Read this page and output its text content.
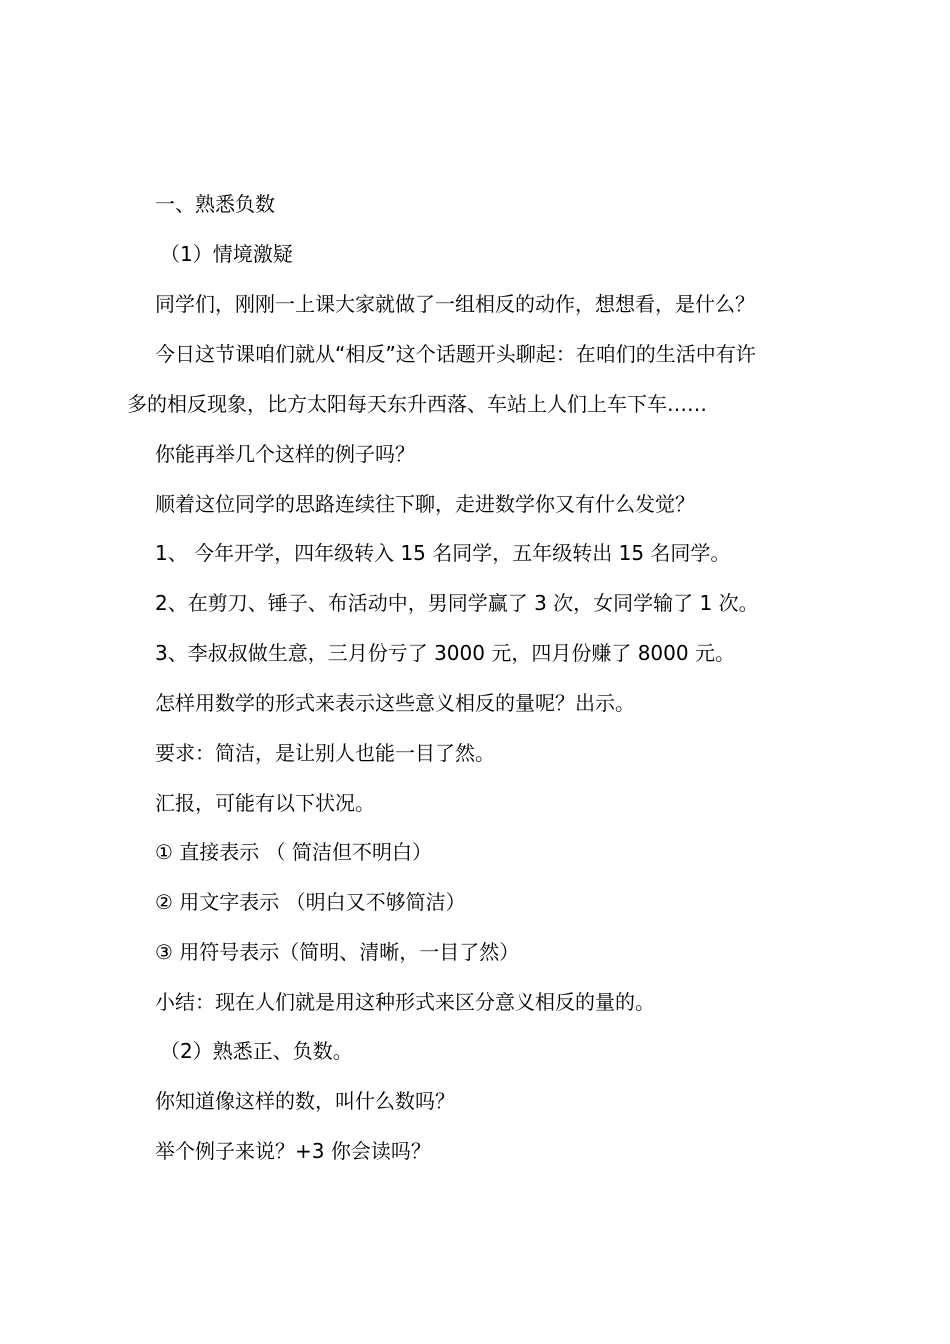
一、熟悉负数
（1）情境激疑
同学们，刚刚一上课大家就做了一组相反的动作，想想看，是什么？
今日这节课咱们就从“相反”这个话题开头聊起：在咱们的生活中有许
多的相反现象，比方太阳每天东升西落、车站上人们上车下车……
你能再举几个这样的例子吗？
顺着这位同学的思路连续往下聊，走进数学你又有什么发觉？
1、 今年开学，四年级转入 15 名同学，五年级转出 15 名同学。
2、在剪刀、锤子、布活动中，男同学赢了 3 次，女同学输了 1 次。
3、李叔叔做生意，三月份亏了 3000 元，四月份赚了 8000 元。
怎样用数学的形式来表示这些意义相反的量呢？出示。
要求：简洁，是让别人也能一目了然。
汇报，可能有以下状况。
① 直接表示 （ 简洁但不明白）
② 用文字表示 （明白又不够简洁）
③ 用符号表示（简明、清晰，一目了然）
小结：现在人们就是用这种形式来区分意义相反的量的。
（2）熟悉正、负数。
你知道像这样的数，叫什么数吗？
举个例子来说？+3 你会读吗？
